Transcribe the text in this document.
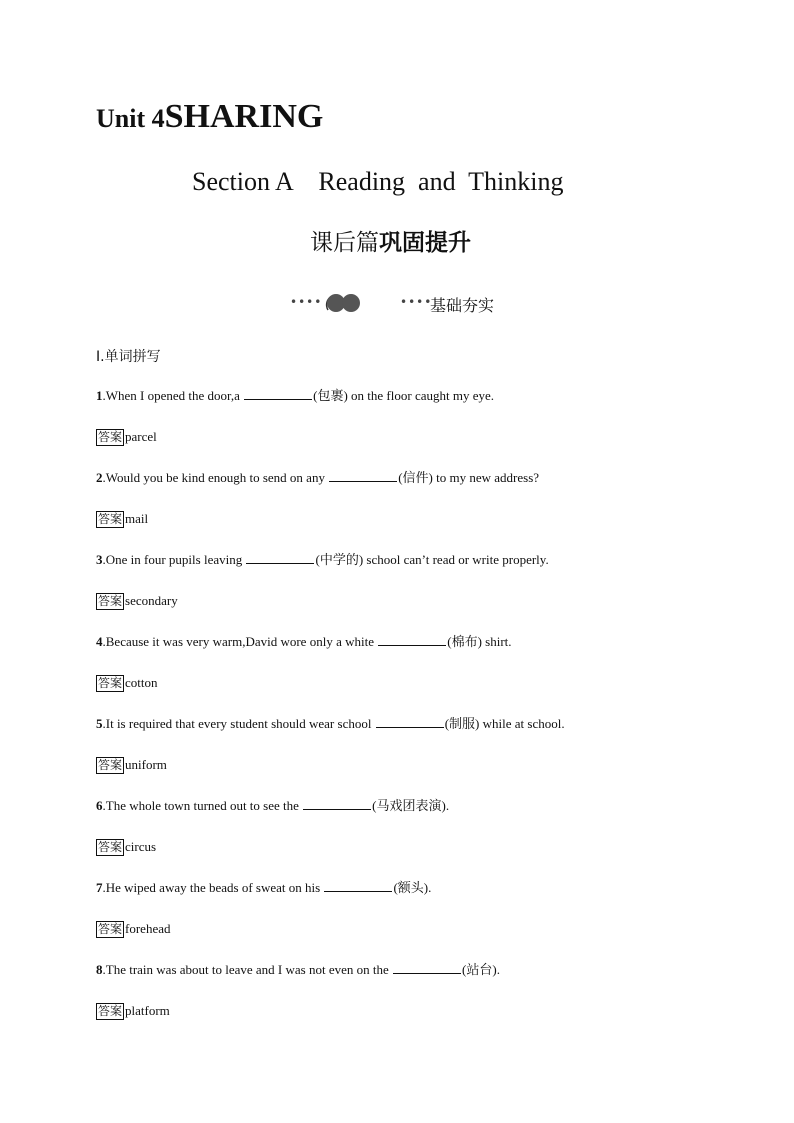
Unit 4SHARING
Section A    Reading  and  Thinking
课后篇巩固提升
••••	••••
基础夯实
Ⅰ.单词拼写
1.When I opened the door,a	(包裹) on the floor caught my eye.
答案 parcel
2.Would you be kind enough to send on any	(信件) to my new address?
答案 mail
3.One in four pupils leaving	(中学的) school can’t read or write properly.
答案 secondary
4.Because it was very warm,David wore only a white	(棉布) shirt.
答案 cotton
5.It is required that every student should wear school	(制服) while at school.
答案 uniform
6.The whole town turned out to see the	(马戏团表演).
答案 circus
7.He wiped away the beads of sweat on his	(额头).
答案 forehead
8.The train was about to leave and I was not even on the	(站台).
答案 platform
